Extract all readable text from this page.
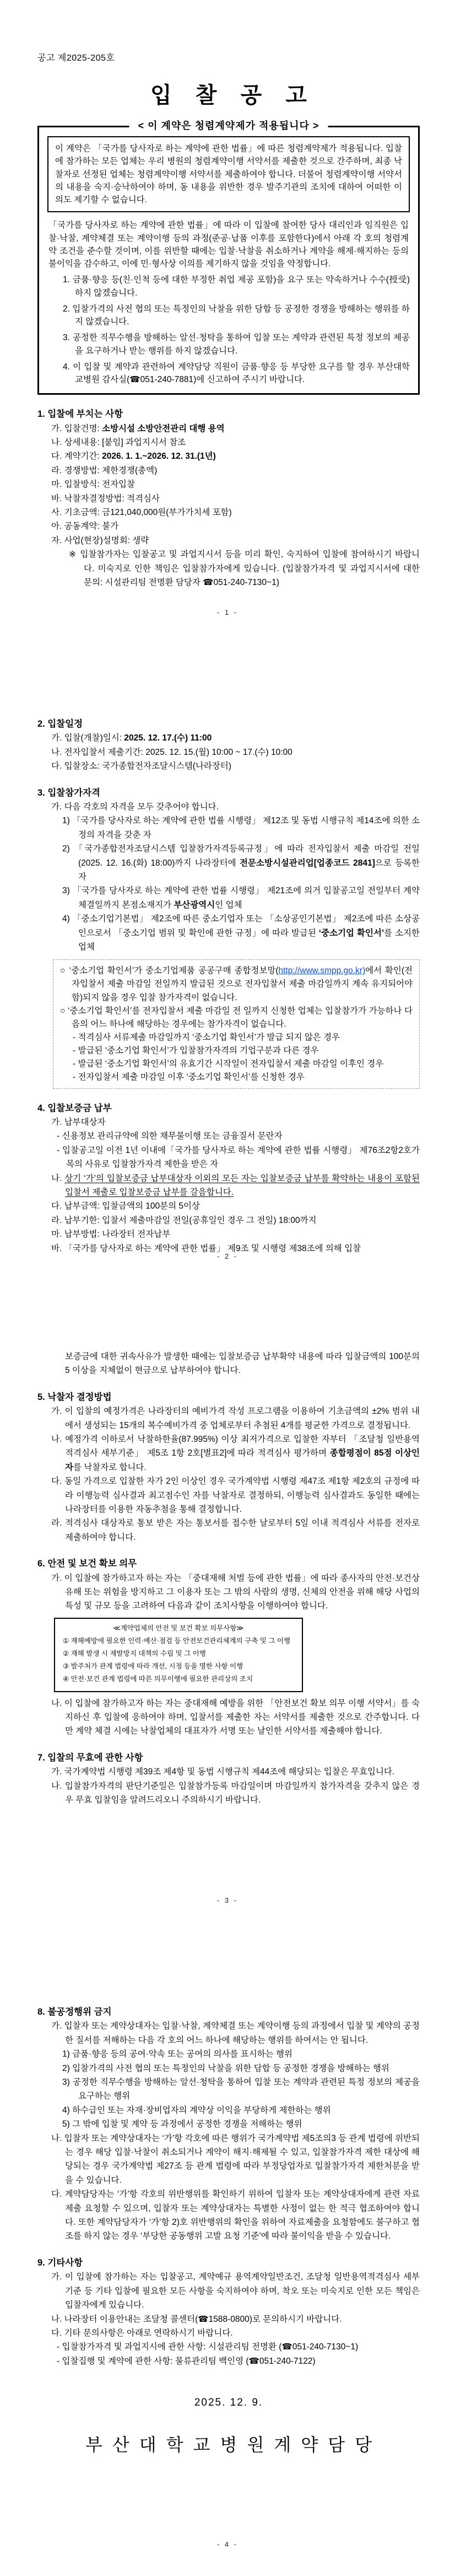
공고 제2025-205호
입 찰 공 고
< 이 계약은 청렴계약제가 적용됩니다 >
이 계약은 「국가를 당사자로 하는 계약에 관한 법률」에 따른 청렴계약제가 적용됩니다. 입찰에 참가하는 모든 업체는 우리 병원의 청렴계약이행 서약서를 제출한 것으로 간주하며, 최종 낙찰자로 선정된 업체는 청렴계약이행 서약서를 제출하여야 합니다. 더불어 청렴계약이행 서약서의 내용을 숙지·승낙하여야 하며, 동 내용을 위반한 경우 발주기관의 조치에 대하여 어떠한 이의도 제기할 수 없습니다.
「국가를 당사자로 하는 계약에 관한 법률」에 따라 이 입찰에 참여한 당사 대리인과 임직원은 입찰·낙찰, 계약체결 또는 계약이행 등의 과정(준공·납품 이후를 포함한다)에서 아래 각 호의 청렴계약 조건을 준수할 것이며, 이를 위반할 때에는 입찰·낙찰을 취소하거나 계약을 해제·해지하는 등의 불이익을 감수하고, 이에 민·형사상 이의를 제기하지 않을 것임을 약정합니다.
1. 금품·향응 등(친·인척 등에 대한 부정한 취업 제공 포함)을 요구 또는 약속하거나 수수(授受)하지 않겠습니다.
2. 입찰가격의 사전 협의 또는 특정인의 낙찰을 위한 담합 등 공정한 경쟁을 방해하는 행위를 하지 않겠습니다.
3. 공정한 직무수행을 방해하는 알선·청탁을 통하여 입찰 또는 계약과 관련된 특정 정보의 제공을 요구하거나 받는 행위를 하지 않겠습니다.
4. 이 입찰 및 계약과 관련하여 계약담당 직원이 금품·향응 등 부당한 요구를 할 경우 부산대학교병원 감사실(☎051-240-7881)에 신고하여 주시기 바랍니다.
1. 입찰에 부치는 사항
가. 입찰건명: 소방시설 소방안전관리 대행 용역
나. 상세내용: [붙임] 과업지시서 참조
다. 계약기간: 2026. 1. 1.~2026. 12. 31.(1년)
라. 경쟁방법: 제한경쟁(총액)
마. 입찰방식: 전자입찰
바. 낙찰자결정방법: 적격심사
사. 기초금액: 금121,040,000원(부가가치세 포함)
아. 공동계약: 불가
자. 사업(현장)설명회: 생략
※ 입찰참가자는 입찰공고 및 과업지시서 등을 미리 확인, 숙지하여 입찰에 참여하시기 바랍니다. 미숙지로 인한 책임은 입찰참가자에게 있습니다. (입찰참가자격 및 과업지시서에 대한 문의: 시설관리팀 전명환 담당자 ☎051-240-7130~1)
- 1 -
2. 입찰일정
가. 입찰(개찰)일시: 2025. 12. 17.(수) 11:00
나. 전자입찰서 제출기간: 2025. 12. 15.(월) 10:00 ~ 17.(수) 10:00
다. 입찰장소: 국가종합전자조달시스템(나라장터)
3. 입찰참가자격
가. 다음 각호의 자격을 모두 갖추어야 합니다.
1) 「국가를 당사자로 하는 계약에 관한 법률 시행령」 제12조 및 동법 시행규칙 제14조에 의한 소정의 자격을 갖춘 자
2) 「국가종합전자조달시스템 입찰참가자격등록규정」에 따라 전자입찰서 제출 마감일 전일(2025. 12. 16.(화) 18:00)까지 나라장터에 전문소방시설관리업[업종코드 2841]으로 등록한 자
3) 「국가를 당사자로 하는 계약에 관한 법률 시행령」 제21조에 의거 입찰공고일 전일부터 계약 체결일까지 본점소재지가 부산광역시인 업체
4) 「중소기업기본법」 제2조에 따른 중소기업자 또는 「소상공인기본법」 제2조에 따른 소상공인으로서 「중소기업 범위 및 확인에 관한 규정」에 따라 발급된 ‘중소기업 확인서’를 소지한 업체
○ ‘중소기업 확인서’가 중소기업제품 공공구매 종합정보망(http://www.smpp.go.kr)에서 확인(전자입찰서 제출 마감일 전일까지 발급된 것으로 전자입찰서 제출 마감일까지 계속 유지되어야 함)되지 않을 경우 입찰 참가자격이 없습니다.
○ ‘중소기업 확인서’를 전자입찰서 제출 마감일 전 일까지 신청한 업체는 입찰참가가 가능하나 다음의 어느 하나에 해당하는 경우에는 참가자격이 없습니다.
- 적격심사 서류제출 마감일까지 ‘중소기업 확인서’가 발급 되지 않은 경우
- 발급된 ‘중소기업 확인서’가 입찰참가자격의 기업구분과 다른 경우
- 발급된 ‘중소기업 확인서’의 유효기간 시작일이 전자입찰서 제출 마감일 이후인 경우
- 전자입찰서 제출 마감일 이후 ‘중소기업 확인서’를 신청한 경우
4. 입찰보증금 납부
가. 납부대상자
- 신용정보 관리규약에 의한 채무불이행 또는 금융질서 문란자
- 입찰공고일 이전 1년 이내에「국가를 당사자로 하는 계약에 관한 법률 시행령」 제76조2항2호가목의 사유로 입찰참가자격 제한을 받은 자
나. 상기 ‘가’의 입찰보증금 납부대상자 이외의 모든 자는 입찰보증금 납부를 확약하는 내용이 포함된 입찰서 제출로 입찰보증금 납부를 갈음합니다.
다. 납부금액: 입찰금액의 100분의 5이상
라. 납부기한: 입찰서 제출마감일 전일(공휴일인 경우 그 전일) 18:00까지
마. 납부방법: 나라장터 전자납부
바. 「국가를 당사자로 하는 계약에 관한 법률」 제9조 및 시행령 제38조에 의해 입찰
- 2 -
보증금에 대한 귀속사유가 발생한 때에는 입찰보증금 납부확약 내용에 따라 입찰금액의 100분의 5 이상을 지체없이 현금으로 납부하여야 합니다.
5. 낙찰자 결정방법
가. 이 입찰의 예정가격은 나라장터의 예비가격 작성 프로그램을 이용하여 기초금액의 ±2% 범위 내에서 생성되는 15개의 복수예비가격 중 업체로부터 추첨된 4개를 평균한 가격으로 결정됩니다.
나. 예정가격 이하로서 낙찰하한율(87.995%) 이상 최저가격으로 입찰한 자부터 「조달청 일반용역적격심사 세부기준」 제5조 1항 2호[별표2]에 따라 적격심사 평가하며 종합평점이 85점 이상인 자를 낙찰자로 합니다.
다. 동일 가격으로 입찰한 자가 2인 이상인 경우 국가계약법 시행령 제47조 제1항 제2호의 규정에 따라 이행능력 심사결과 최고점수인 자를 낙찰자로 결정하되, 이행능력 심사결과도 동일한 때에는 나라장터를 이용한 자동추첨을 통해 결정합니다.
라. 적격심사 대상자로 통보 받은 자는 통보서를 접수한 날로부터 5일 이내 적격심사 서류를 전자로 제출하여야 합니다.
6. 안전 및 보건 확보 의무
가. 이 입찰에 참가하고자 하는 자는 「중대재해 처벌 등에 관한 법률」에 따라 종사자의 안전·보건상 유해 또는 위험을 방지하고 그 이용자 또는 그 밖의 사람의 생명, 신체의 안전을 위해 해당 사업의 특성 및 규모 등을 고려하여 다음과 같이 조치사항을 이행하여야 합니다.
≪계약업체의 안전 및 보건 확보 의무사항≫
① 재해예방에 필요한 인력·예산·점검 등 안전보건관리체계의 구축 및 그 이행
② 재해 발생 시 재발방지 대책의 수립 및 그 이행
③ 발주처가 관계 법령에 따라 개선, 시정 등을 명한 사항 이행
④ 안전·보건 관계 법령에 따른 의무이행에 필요한 관리상의 조치
나. 이 입찰에 참가하고자 하는 자는 중대재해 예방을 위한 「안전보건 확보 의무 이행 서약서」를 숙지하신 후 입찰에 응하여야 하며, 입찰서를 제출한 자는 서약서를 제출한 것으로 간주합니다. 다만 계약 체결 시에는 낙찰업체의 대표자가 서명 또는 날인한 서약서를 제출해야 합니다.
7. 입찰의 무효에 관한 사항
가. 국가계약법 시행령 제39조 제4항 및 동법 시행규칙 제44조에 해당되는 입찰은 무효입니다.
나. 입찰참가자격의 판단기준일은 입찰참가등록 마감일이며 마감일까지 참가자격을 갖추지 않은 경우 무효 입찰임을 알려드리오니 주의하시기 바랍니다.
- 3 -
8. 불공정행위 금지
가. 입찰자 또는 계약상대자는 입찰·낙찰, 계약체결 또는 계약이행 등의 과정에서 입찰 및 계약의 공정한 질서를 저해하는 다음 각 호의 어느 하나에 해당하는 행위를 하여서는 안 됩니다.
1) 금품·향응 등의 공여·약속 또는 공여의 의사를 표시하는 행위
2) 입찰가격의 사전 협의 또는 특정인의 낙찰을 위한 담합 등 공정한 경쟁을 방해하는 행위
3) 공정한 직무수행을 방해하는 알선·청탁을 통하여 입찰 또는 계약과 관련된 특정 정보의 제공을 요구하는 행위
4) 하수급인 또는 자재·장비업자의 계약상 이익을 부당하게 제한하는 행위
5) 그 밖에 입찰 및 계약 등 과정에서 공정한 경쟁을 저해하는 행위
나. 입찰자 또는 계약상대자는 ‘가’항 각호에 따른 행위가 국가계약법 제5조의3 등 관계 법령에 위반되는 경우 해당 입찰·낙찰이 취소되거나 계약이 해지·해제될 수 있고, 입찰참가자격 제한 대상에 해당되는 경우 국가계약법 제27조 등 관계 법령에 따라 부정당업자로 입찰참가자격 제한처분을 받을 수 있습니다.
다. 계약담당자는 ‘가’항 각호의 위반행위를 확인하기 위하여 입찰자 또는 계약상대자에게 관련 자료제출 요청할 수 있으며, 입찰자 또는 계약상대자는 특별한 사정이 없는 한 적극 협조하여야 합니다. 또한 계약담당자가 ‘가’항 2)호 위반행위의 확인을 위하여 자료제출을 요청함에도 불구하고 협조를 하지 않는 경우 ‘부당한 공동행위 고발 요청 기준’에 따라 불이익을 받을 수 있습니다.
9. 기타사항
가. 이 입찰에 참가하는 자는 입찰공고, 계약예규 용역계약일반조건, 조달청 일반용역적격심사 세부기준 등 기타 입찰에 필요한 모든 사항을 숙지하여야 하며, 착오 또는 미숙지로 인한 모든 책임은 입찰자에게 있습니다.
나. 나라장터 이용안내는 조달청 콜센터(☎1588-0800)로 문의하시기 바랍니다.
다. 기타 문의사항은 아래로 연락하시기 바랍니다.
- 입찰참가자격 및 과업지시에 관한 사항: 시설관리팀 전명환 (☎051-240-7130~1)
- 입찰집행 및 계약에 관한 사항: 물류관리팀 백인영 (☎051-240-7122)
2025. 12. 9.
부산대학교병원계약담당
- 4 -
